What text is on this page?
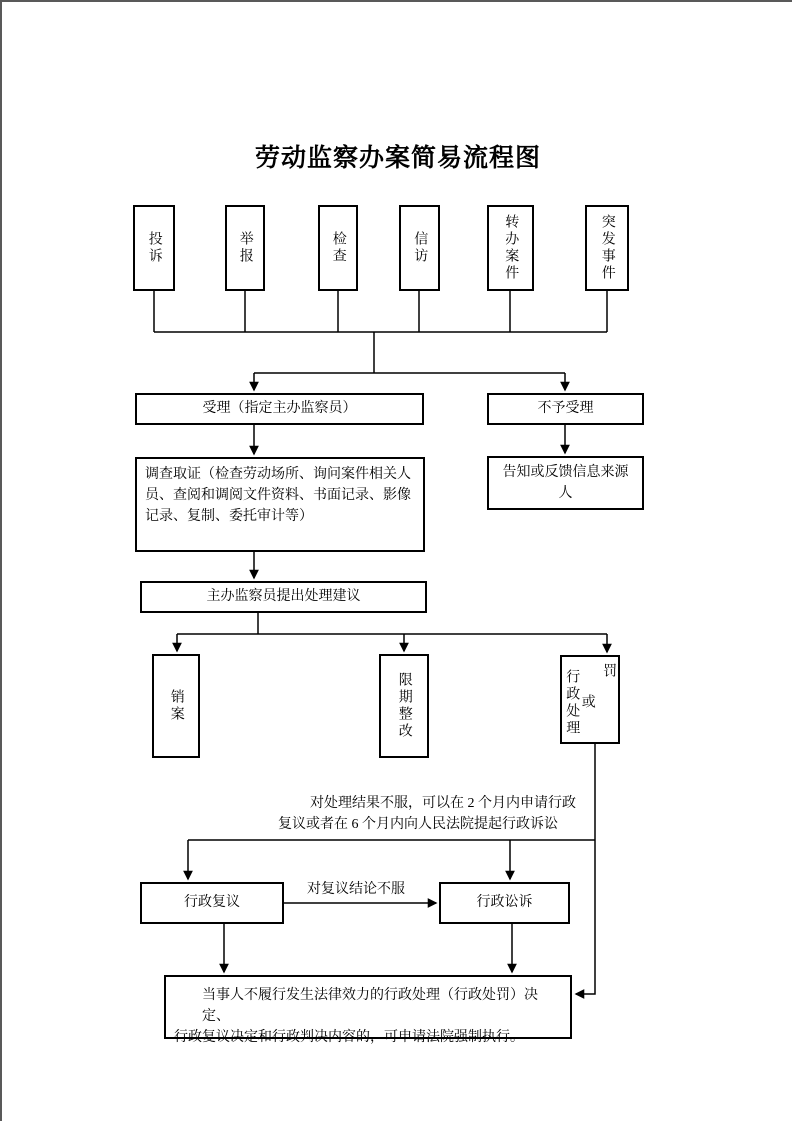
劳动监察办案简易流程图
投诉	举报	检查	信访	转办案件	突发事件
受理（指定主办监察员）	不予受理
调查取证（检查劳动场所、询问案件相关人
员、查阅和调阅文件资料、书面记录、影像
记录、复制、委托审计等）
告知或反馈信息来源
人
主办监察员提出处理建议
销案	限期整改	行政处理或
罚
对处理结果不服，可以在 2 个月内申请行政
复议或者在 6 个月内向人民法院提起行政诉讼
行政复议
对复议结论不服
行政讼诉
当事人不履行发生法律效力的行政处理（行政处罚）决定、
行政复议决定和行政判决内容的，可申请法院强制执行。
